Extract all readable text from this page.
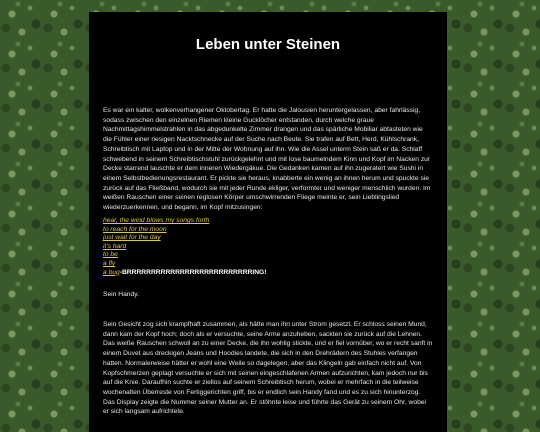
Leben unter Steinen

Es war ein kalter, wolkenverhangener Oktobertag. Er hatte die Jalousien heruntergelassen, aber fahrlässig, sodass zwischen den einzelnen Riemen kleine Gucklöcher entstanden, durch welche graue Nachmittagshimmelstrahlen in das abgedunkelte Zimmer drangen und das spärliche Mobiliar abtasteten wie die Fühler einer riesigen Nacktschnecke auf der Suche nach Beute. Sie trafen auf Bett, Herd, Kühlschrank, Schreibtisch mit Laptop und in der Mitte der Wohnung auf ihn. Wie die Assel unterm Stein saß er da. Schlaff schwebend in seinem Schreibtischstuhl zurückgelehnt und mit lose baumelndem Kinn und Kopf im Nacken zur Decke starrend lauschte er dem inneren Wiedergäkue. Die Gedanken kamen auf ihn zugeratert wie Sushi in einem Selbstbedienungsrestaurant. Er pickte sie heraus, knabberte ein wenig an ihnen herum und spuckte sie zurück auf das Fließband, wodurch sie mit jeder Runde ekliger, verformter und weniger menschlich wurden. Im weißen Rauschen einer seinen reglosen Körper umschwirrenden Fliege meinte er, sein Lieblingslied wiederzuerkennen, und begann, im Kopf mitzusingen:

hear, the wind blows my songs forth
to reach for the moon
just wait for the day
it's hard
to be
a fly
a bug-BRRRRRRRRRRRRRRRRRRRRRRRRRRING!

Sein Handy.

Sein Gesicht zog sich krampfhaft zusammen, als hätte man ihn unter Strom gesetzt. Er schloss seinen Mund, dann kam der Kopf hoch; doch als er versuchte, seine Arme anzuheben, sackten sie zurück auf die Lehnen. Das weiße Rauschen schwoll an zu einer Decke, die ihn wohlig stickte, und er fiel vornüber, wo er recht sanft in einem Duvet aus dreckigen Jeans und Hoodies landete, die sich in den Drehrädern des Stuhles verfangen hatten. Normalerweise hätter er wohl eine Weile so dagelegen, aber das Klingeln gab einfach nicht auf. Von Kopfschmerzen geplagt versuchte er sich mit seinen eingeschlafenen Armen aufzurichten, kam jedoch nur bis auf die Knie. Daraufhin suchte er ziellos auf seinem Schreibtisch herum, wobei er mehrfach in die teilweise wochenalten Überreste von Fertiggerichten griff, bis er endlich sein Handy fand und es zu sich hinunterzog. Das Display zeigte die Nummer seiner Mutter an. Er stöhnte leise und führte das Gerät zu seinem Ohr, wobei er sich langsam aufrichtete.
